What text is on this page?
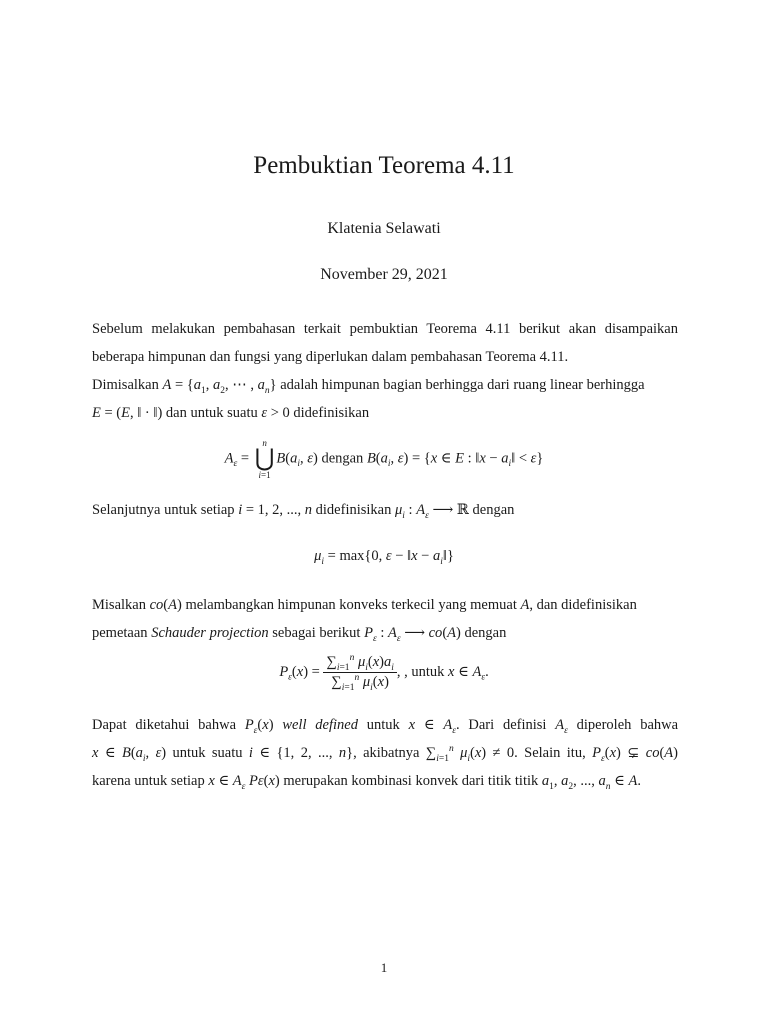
Pembuktian Teorema 4.11
Klatenia Selawati
November 29, 2021
Sebelum melakukan pembahasan terkait pembuktian Teorema 4.11 berikut akan disampaikan
beberapa himpunan dan fungsi yang diperlukan dalam pembahasan Teorema 4.11.
Dimisalkan $A = \{a_1$, $a_2$, ⋯ , $a_n$} adalah himpunan bagian berhingga dari ruang linear berhingga
E = (E, ‖ · ‖) dan untuk suatu ε > 0 didefinisikan
$A_\varepsilon$ =
n
⋃
i=1
$B(a_i$, ε) dengan $B(a_i$, ε) = {x ∈ E : ‖x − $a_i‖ < \varepsilon$}
Selanjutnya untuk setiap i = 1, 2, ..., n didefinisikan $\mu_i$ : $A_\varepsilon$ ⟶ ℝ dengan
$\mu_i = \max\{0$, ε − ‖x − $a_i‖$}
Misalkan co(A) melambangkan himpunan konveks terkecil yang memuat A, dan didefinisikan
pemetaan Schauder projection sebagai berikut $P_\varepsilon$ : $A_\varepsilon$ ⟶ co(A) dengan
$P_\varepsilon(x) = \frac{\sum_{i=1}^n \mu_i(x)a_i}{\sum_{i=1}^n \mu_i(x)}$ , , untuk x ∈ $A_\varepsilon$.
Dapat diketahui bahwa $P_\varepsilon(x)$ well defined untuk x ∈ $A_\varepsilon$. Dari definisi $A_\varepsilon$ diperoleh bahwa
x ∈ $B(a_i$, ε) untuk suatu i ∈ {1, 2, ..., n}, akibatnya $\sum_{i=1}^n$ $\mu_i(x) \ne 0$. Selain itu, $P_\varepsilon(x)$ ⊊ co(A)
karena untuk setiap x ∈ $A_\varepsilon$ Pε(x) merupakan kombinasi konvek dari titik titik $a_1$, $a_2$, ..., $a_n$ ∈ A.
1
